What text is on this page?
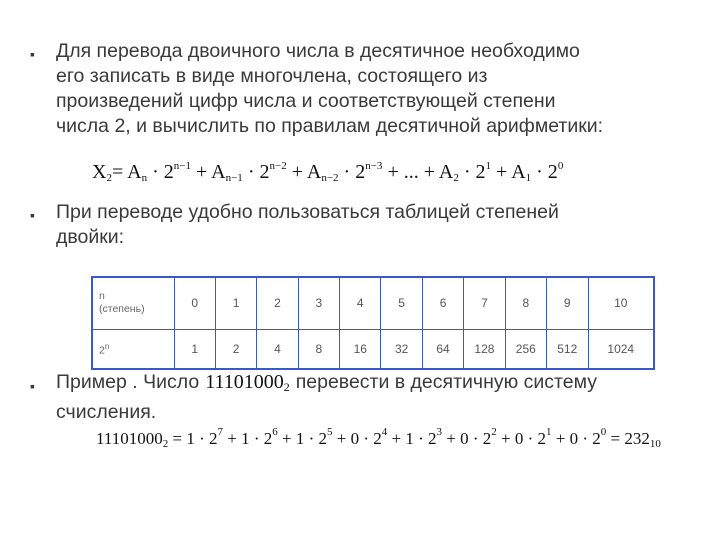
▪ Для перевода двоичного числа в десятичное необходимо
его записать в виде многочлена, состоящего из
произведений цифр числа и соответствующей степени
числа 2, и вычислить по правилам десятичной арифметики:
$X_2= A_n \cdot 2^{n-1} + A_{n-1} \cdot 2^{n-2} + A_{n-2} \cdot 2^{n-3}$ + ... + $A_2 \cdot 2^1 + A_1 \cdot 2^0$
▪ При переводе удобно пользоваться таблицей степеней
двойки:
n
(степень)	0	1	2	3	4	5	6	7	8	9	10
2$^n$	1	2	4	8	16	32	64	128	256	512	1024
▪ Пример . Число $11101000_2$ перевести в десятичную систему
счисления.
$11101000_2 = 1 \cdot 2^7 + 1 \cdot 2^6 + 1 \cdot 2^5 + 0 \cdot 2^4 + 1 \cdot 2^3 + 0 \cdot 2^2 + 0 \cdot 2^1 + 0 \cdot 2^0 = 232_{10}$
